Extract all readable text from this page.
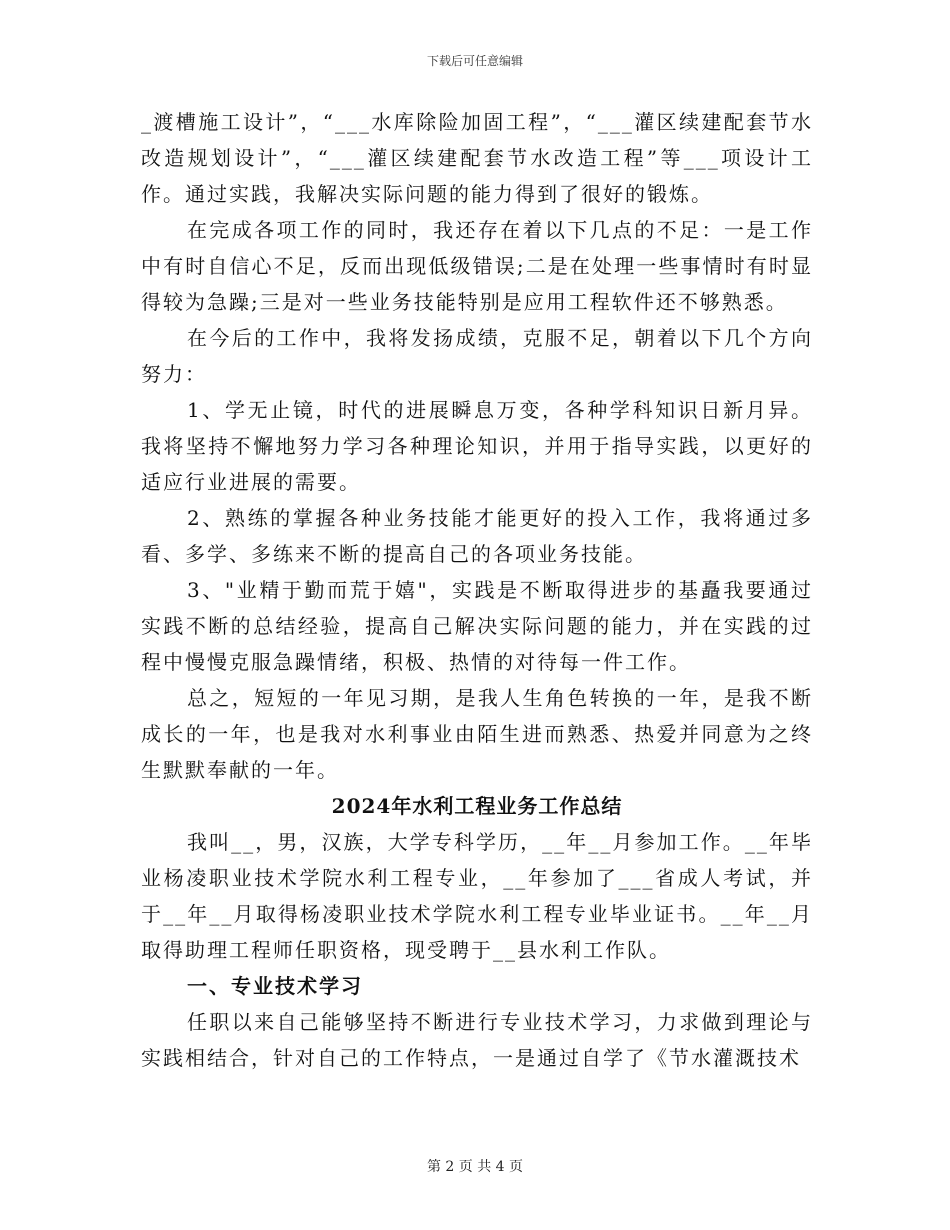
下载后可任意编辑

_渡槽施工设计”，“___水库除险加固工程”，“___灌区续建配套节水改造规划设计”，“___灌区续建配套节水改造工程”等___项设计工作。通过实践，我解决实际问题的能力得到了很好的锻炼。

在完成各项工作的同时，我还存在着以下几点的不足：一是工作中有时自信心不足，反而出现低级错误;二是在处理一些事情时有时显得较为急躁;三是对一些业务技能特别是应用工程软件还不够熟悉。

在今后的工作中，我将发扬成绩，克服不足，朝着以下几个方向努力：

1、学无止镜，时代的进展瞬息万变，各种学科知识日新月异。我将坚持不懈地努力学习各种理论知识，并用于指导实践，以更好的适应行业进展的需要。

2、熟练的掌握各种业务技能才能更好的投入工作，我将通过多看、多学、多练来不断的提高自己的各项业务技能。

3、"业精于勤而荒于嬉"，实践是不断取得进步的基矗我要通过实践不断的总结经验，提高自己解决实际问题的能力，并在实践的过程中慢慢克服急躁情绪，积极、热情的对待每一件工作。

总之，短短的一年见习期，是我人生角色转换的一年，是我不断成长的一年，也是我对水利事业由陌生进而熟悉、热爱并同意为之终生默默奉献的一年。

2024年水利工程业务工作总结

我叫__，男，汉族，大学专科学历，__年__月参加工作。__年毕业杨凌职业技术学院水利工程专业，__年参加了___省成人考试，并于__年__月取得杨凌职业技术学院水利工程专业毕业证书。__年__月取得助理工程师任职资格，现受聘于__县水利工作队。

一、专业技术学习

任职以来自己能够坚持不断进行专业技术学习，力求做到理论与实践相结合，针对自己的工作特点，一是通过自学了《节水灌溉技术

第 2 页 共 4 页
